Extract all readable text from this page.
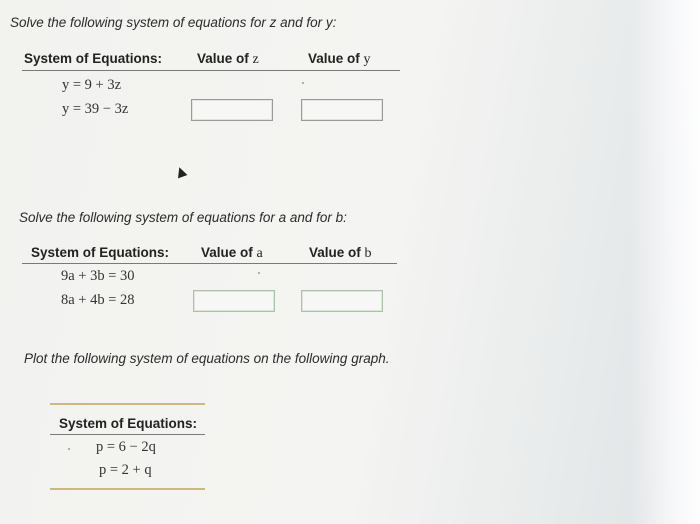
Solve the following system of equations for z and for y:
System of Equations:	Value of z	Value of y
y = 9 + 3z
y = 39 − 3z
Solve the following system of equations for a and for b:
System of Equations: Value of a	Value of b
9a + 3b = 30
8a + 4b = 28
Plot the following system of equations on the following graph.
System of Equations:
p = 6 − 2q
p = 2 + q
